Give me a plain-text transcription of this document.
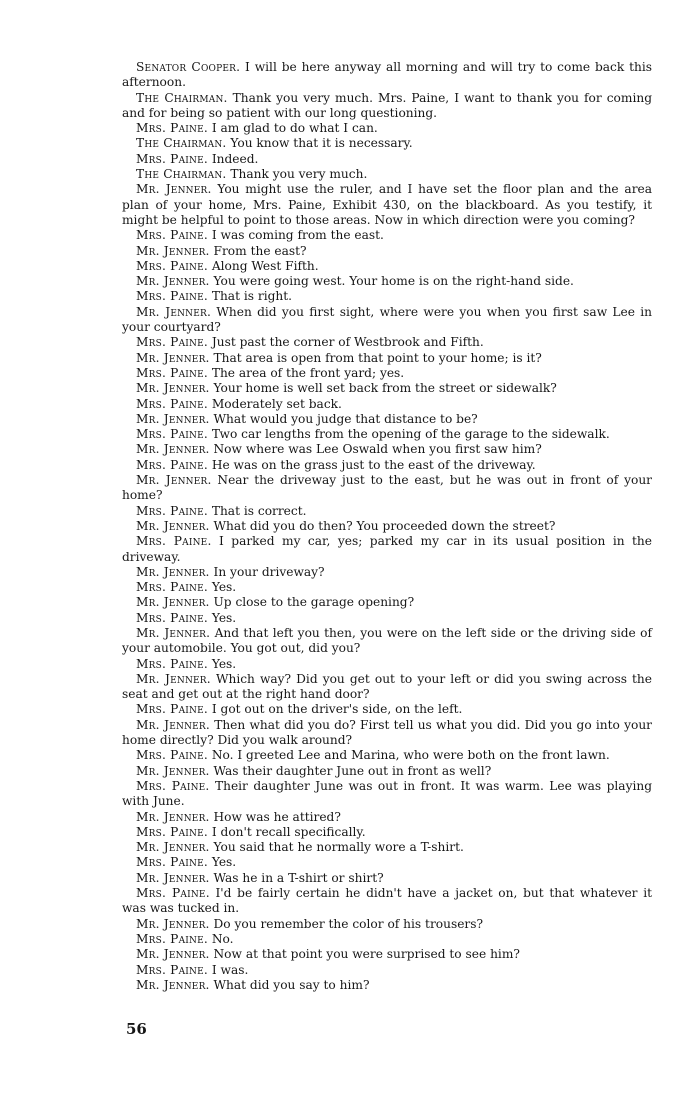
Senator Cooper. I will be here anyway all morning and will try to come back this afternoon.

The Chairman. Thank you very much. Mrs. Paine, I want to thank you for coming and for being so patient with our long questioning.

Mrs. Paine. I am glad to do what I can.

The Chairman. You know that it is necessary.

Mrs. Paine. Indeed.

The Chairman. Thank you very much.

Mr. Jenner. You might use the ruler, and I have set the floor plan and the area plan of your home, Mrs. Paine, Exhibit 430, on the blackboard. As you testify, it might be helpful to point to those areas. Now in which direction were you coming?

Mrs. Paine. I was coming from the east.

Mr. Jenner. From the east?

Mrs. Paine. Along West Fifth.

Mr. Jenner. You were going west. Your home is on the right-hand side.

Mrs. Paine. That is right.

Mr. Jenner. When did you first sight, where were you when you first saw Lee in your courtyard?

Mrs. Paine. Just past the corner of Westbrook and Fifth.

Mr. Jenner. That area is open from that point to your home; is it?

Mrs. Paine. The area of the front yard; yes.

Mr. Jenner. Your home is well set back from the street or sidewalk?

Mrs. Paine. Moderately set back.

Mr. Jenner. What would you judge that distance to be?

Mrs. Paine. Two car lengths from the opening of the garage to the sidewalk.

Mr. Jenner. Now where was Lee Oswald when you first saw him?

Mrs. Paine. He was on the grass just to the east of the driveway.

Mr. Jenner. Near the driveway just to the east, but he was out in front of your home?

Mrs. Paine. That is correct.

Mr. Jenner. What did you do then? You proceeded down the street?

Mrs. Paine. I parked my car, yes; parked my car in its usual position in the driveway.

Mr. Jenner. In your driveway?

Mrs. Paine. Yes.

Mr. Jenner. Up close to the garage opening?

Mrs. Paine. Yes.

Mr. Jenner. And that left you then, you were on the left side or the driving side of your automobile. You got out, did you?

Mrs. Paine. Yes.

Mr. Jenner. Which way? Did you get out to your left or did you swing across the seat and get out at the right hand door?

Mrs. Paine. I got out on the driver's side, on the left.

Mr. Jenner. Then what did you do? First tell us what you did. Did you go into your home directly? Did you walk around?

Mrs. Paine. No. I greeted Lee and Marina, who were both on the front lawn.

Mr. Jenner. Was their daughter June out in front as well?

Mrs. Paine. Their daughter June was out in front. It was warm. Lee was playing with June.

Mr. Jenner. How was he attired?

Mrs. Paine. I don't recall specifically.

Mr. Jenner. You said that he normally wore a T-shirt.

Mrs. Paine. Yes.

Mr. Jenner. Was he in a T-shirt or shirt?

Mrs. Paine. I'd be fairly certain he didn't have a jacket on, but that whatever it was was tucked in.

Mr. Jenner. Do you remember the color of his trousers?

Mrs. Paine. No.

Mr. Jenner. Now at that point you were surprised to see him?

Mrs. Paine. I was.

Mr. Jenner. What did you say to him?

56
